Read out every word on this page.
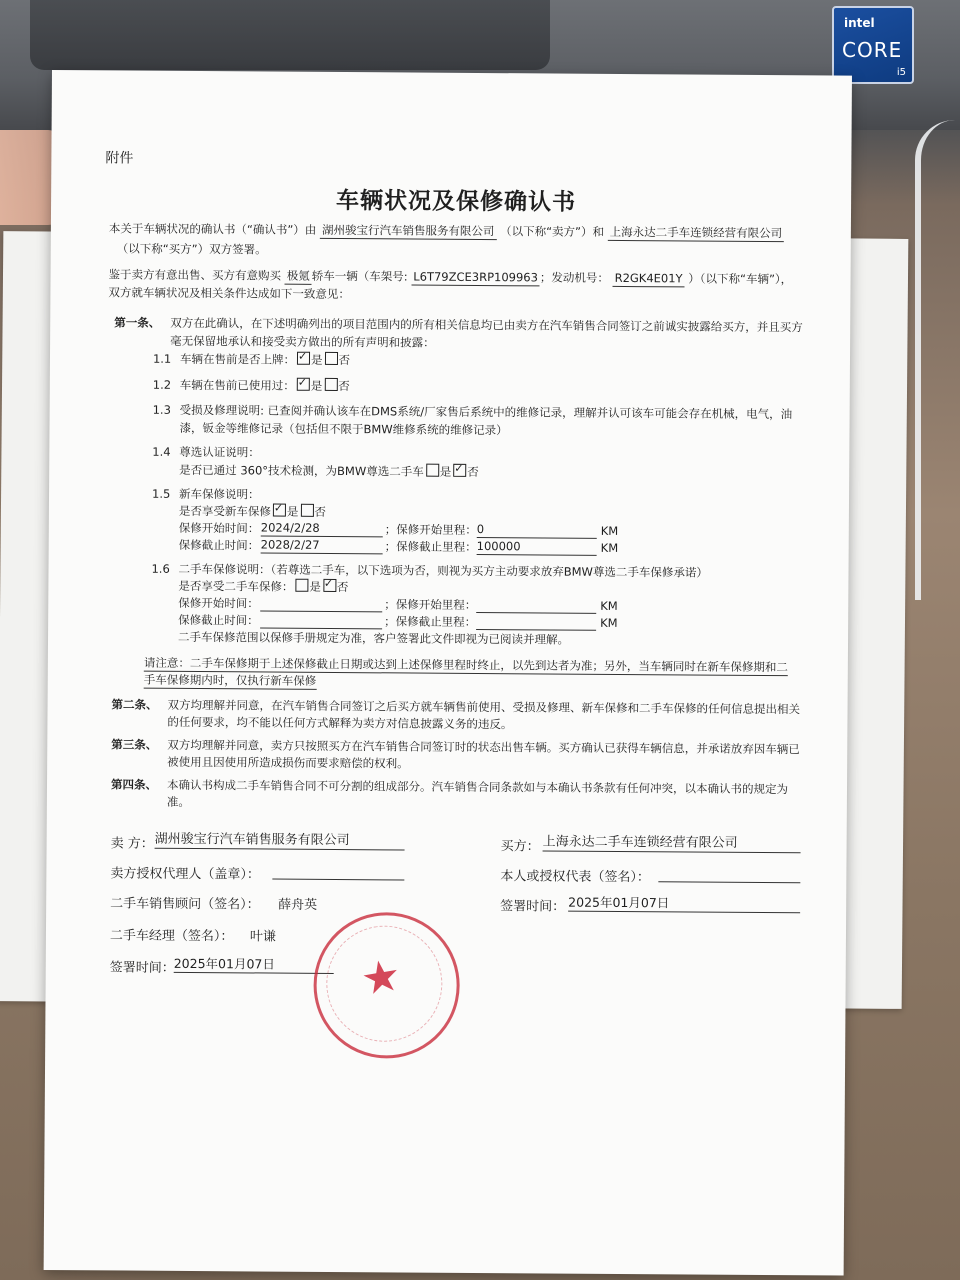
intel
CORE
i5
附件
车辆状况及保修确认书
本关于车辆状况的确认书（“确认书”）由 湖州骏宝行汽车销售服务有限公司 （以下称“卖方”）和 上海永达二手车连锁经营有限公司
（以下称“买方”）双方签署。
鉴于卖方有意出售、买方有意购买 极氪 轿车一辆（车架号: L6T79ZCE3RP109963 ；发动机号： R2GK4E01Y ）（以下称“车辆”），
双方就车辆状况及相关条件达成如下一致意见：
第一条、 双方在此确认，在下述明确列出的项目范围内的所有相关信息均已由卖方在汽车销售合同签订之前诚实披露给买方，并且买方
毫无保留地承认和接受卖方做出的所有声明和披露：
1.1 车辆在售前是否上牌： ✓ 是 否
1.2 车辆在售前已使用过： ✓ 是 否
1.3 受损及修理说明: 已查阅并确认该车在DMS系统/厂家售后系统中的维修记录，理解并认可该车可能会存在机械，电气，油
漆，钣金等维修记录（包括但不限于BMW维修系统的维修记录）
1.4 尊选认证说明：
是否已通过 360°技术检测，为BMW尊选二手车 是 ✓ 否
1.5 新车保修说明：
是否享受新车保修 ✓ 是 否
保修开始时间： 2024/2/28	；保修开始里程： 0	KM
保修截止时间： 2028/2/27	；保修截止里程： 100000	KM
1.6 二手车保修说明：（若尊选二手车，以下选项为否，则视为买方主动要求放弃BMW尊选二手车保修承诺）
是否享受二手车保修： 是 ✓ 否
保修开始时间：	；保修开始里程：	KM
保修截止时间：	；保修截止里程：	KM
二手车保修范围以保修手册规定为准，客户签署此文件即视为已阅读并理解。
请注意：二手车保修期于上述保修截止日期或达到上述保修里程时终止，以先到达者为准；另外，当车辆同时在新车保修期和二
手车保修期内时，仅执行新车保修
第二条、 双方均理解并同意，在汽车销售合同签订之后买方就车辆售前使用、受损及修理、新车保修和二手车保修的任何信息提出相关
的任何要求，均不能以任何方式解释为卖方对信息披露义务的违反。
第三条、 双方均理解并同意，卖方只按照买方在汽车销售合同签订时的状态出售车辆。买方确认已获得车辆信息，并承诺放弃因车辆已
被使用且因使用所造成损伤而要求赔偿的权利。
第四条、 本确认书构成二手车销售合同不可分割的组成部分。汽车销售合同条款如与本确认书条款有任何冲突，以本确认书的规定为
准。
卖 方： 湖州骏宝行汽车销售服务有限公司	买方： 上海永达二手车连锁经营有限公司
卖方授权代理人（盖章）：	本人或授权代表（签名）：
二手车销售顾问（签名）： 薛舟英	签署时间： 2025年01月07日
二手车经理（签名）： 叶谦
签署时间：
2025年01月07日	★
